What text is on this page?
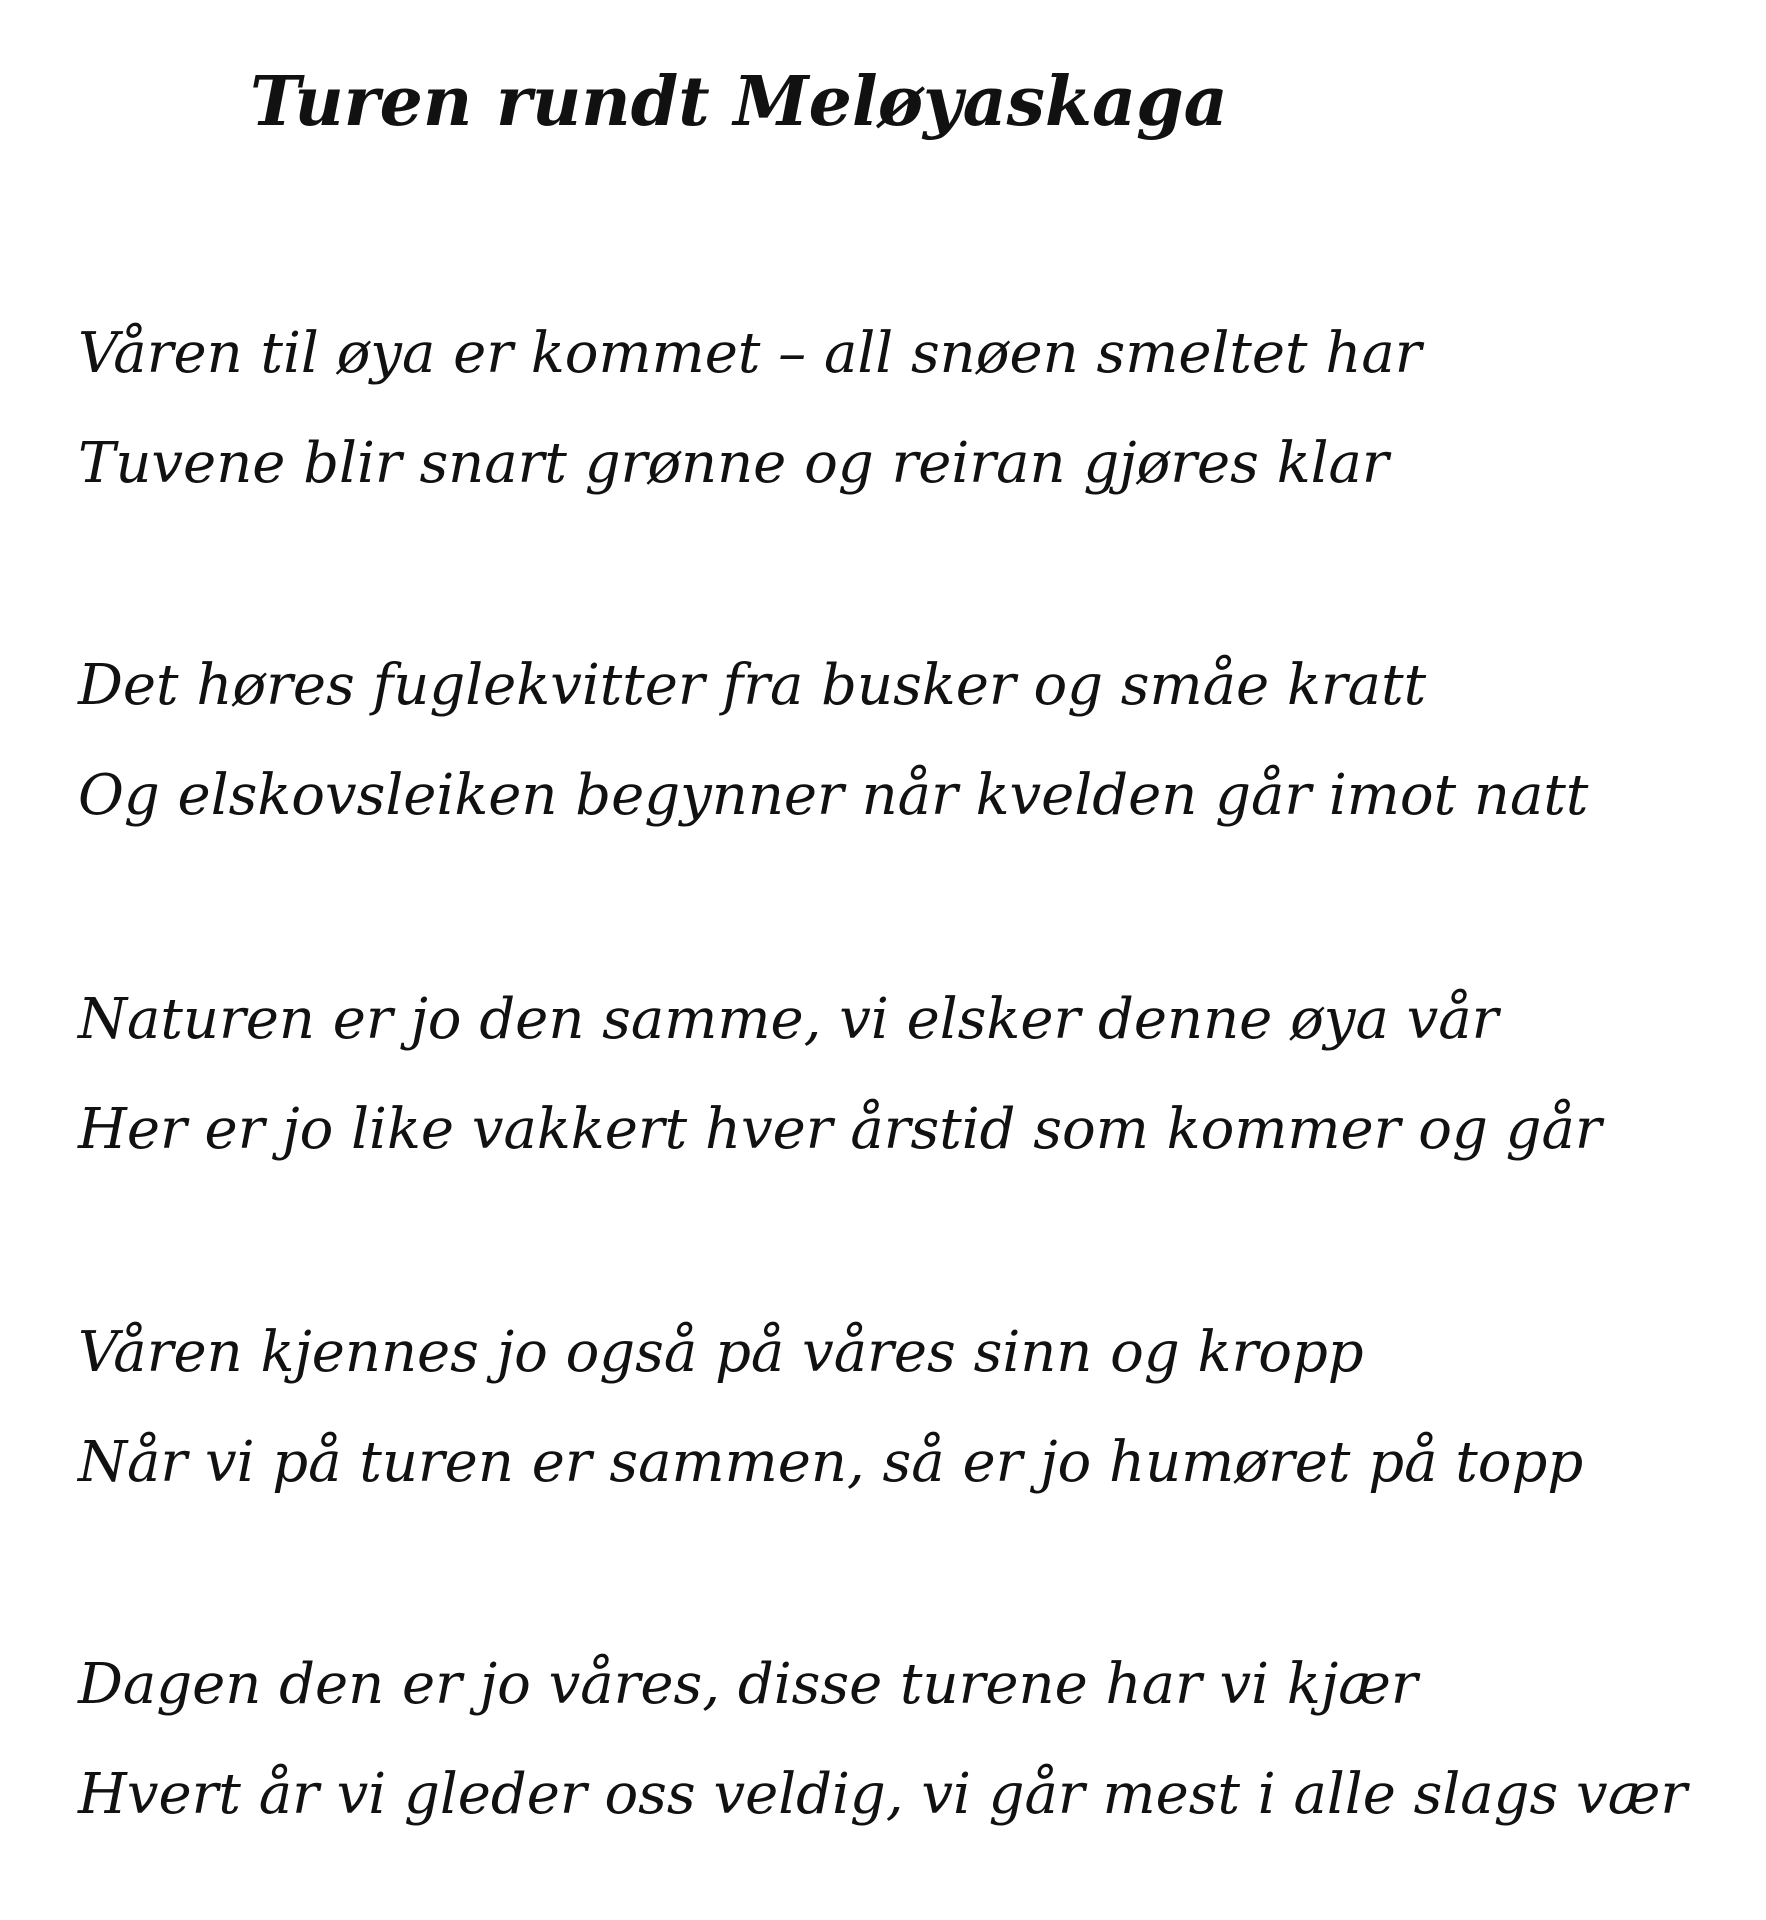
Turen rundt Meløyaskaga

Våren til øya er kommet – all snøen smeltet har

Tuvene blir snart grønne og reiran gjøres klar

Det høres fuglekvitter fra busker og småe kratt

Og elskovsleiken begynner når kvelden går imot natt

Naturen er jo den samme, vi elsker denne øya vår

Her er jo like vakkert hver årstid som kommer og går

Våren kjennes jo også på våres sinn og kropp

Når vi på turen er sammen, så er jo humøret på topp

Dagen den er jo våres, disse turene har vi kjær

Hvert år vi gleder oss veldig, vi går mest i alle slags vær
